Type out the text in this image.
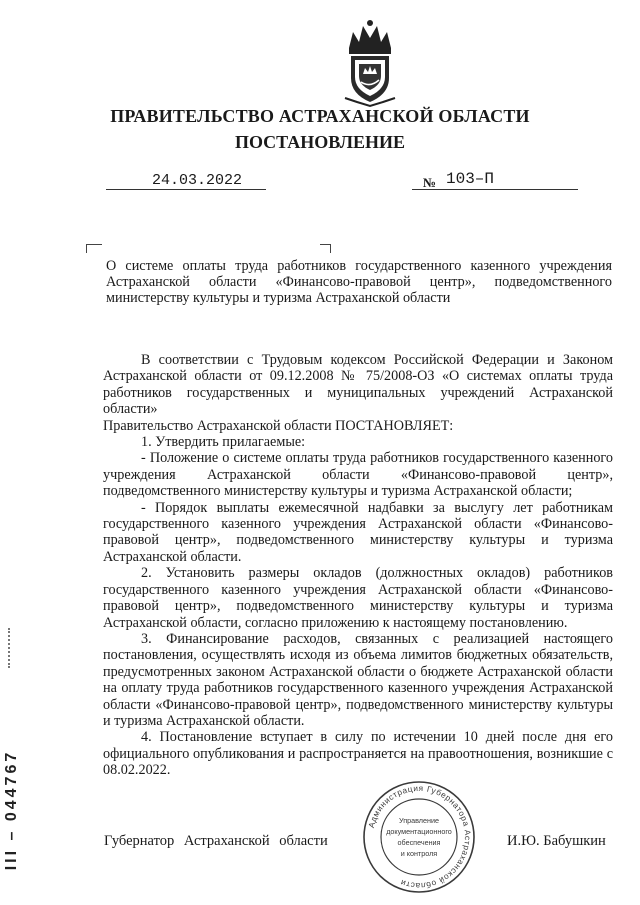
ПРАВИТЕЛЬСТВО АСТРАХАНСКОЙ ОБЛАСТИ
ПОСТАНОВЛЕНИЕ
24.03.2022	№ 103–П
О системе оплаты труда работников государственного казенного учреждения Астраханской области «Финансово-правовой центр», подведомственного министерству культуры и туризма Астраханской области

В соответствии с Трудовым кодексом Российской Федерации и Законом Астраханской области от 09.12.2008 № 75/2008-ОЗ «О системах оплаты труда работников государственных и муниципальных учреждений Астраханской области»

Правительство Астраханской области ПОСТАНОВЛЯЕТ:

1. Утвердить прилагаемые:

- Положение о системе оплаты труда работников государственного казенного учреждения Астраханской области «Финансово-правовой центр», подведомственного министерству культуры и туризма Астраханской области;

- Порядок выплаты ежемесячной надбавки за выслугу лет работникам государственного казенного учреждения Астраханской области «Финансово-правовой центр», подведомственного министерству культуры и туризма Астраханской области.

2. Установить размеры окладов (должностных окладов) работников государственного казенного учреждения Астраханской области «Финансово-правовой центр», подведомственного министерству культуры и туризма Астраханской области, согласно приложению к настоящему постановлению.

3. Финансирование расходов, связанных с реализацией настоящего постановления, осуществлять исходя из объема лимитов бюджетных обязательств, предусмотренных законом Астраханской области о бюджете Астраханской области на оплату труда работников государственного казенного учреждения Астраханской области «Финансово-правовой центр», подведомственного министерству культуры и туризма Астраханской области.

4. Постановление вступает в силу по истечении 10 дней после дня его официального опубликования и распространяется на правоотношения, возникшие с 08.02.2022.

Администрация Губернатора Астраханской области
Управление
документационного
обеспечения
и контроля
Губернатор Астраханской области	И.Ю. Бабушкин
III – 044767
